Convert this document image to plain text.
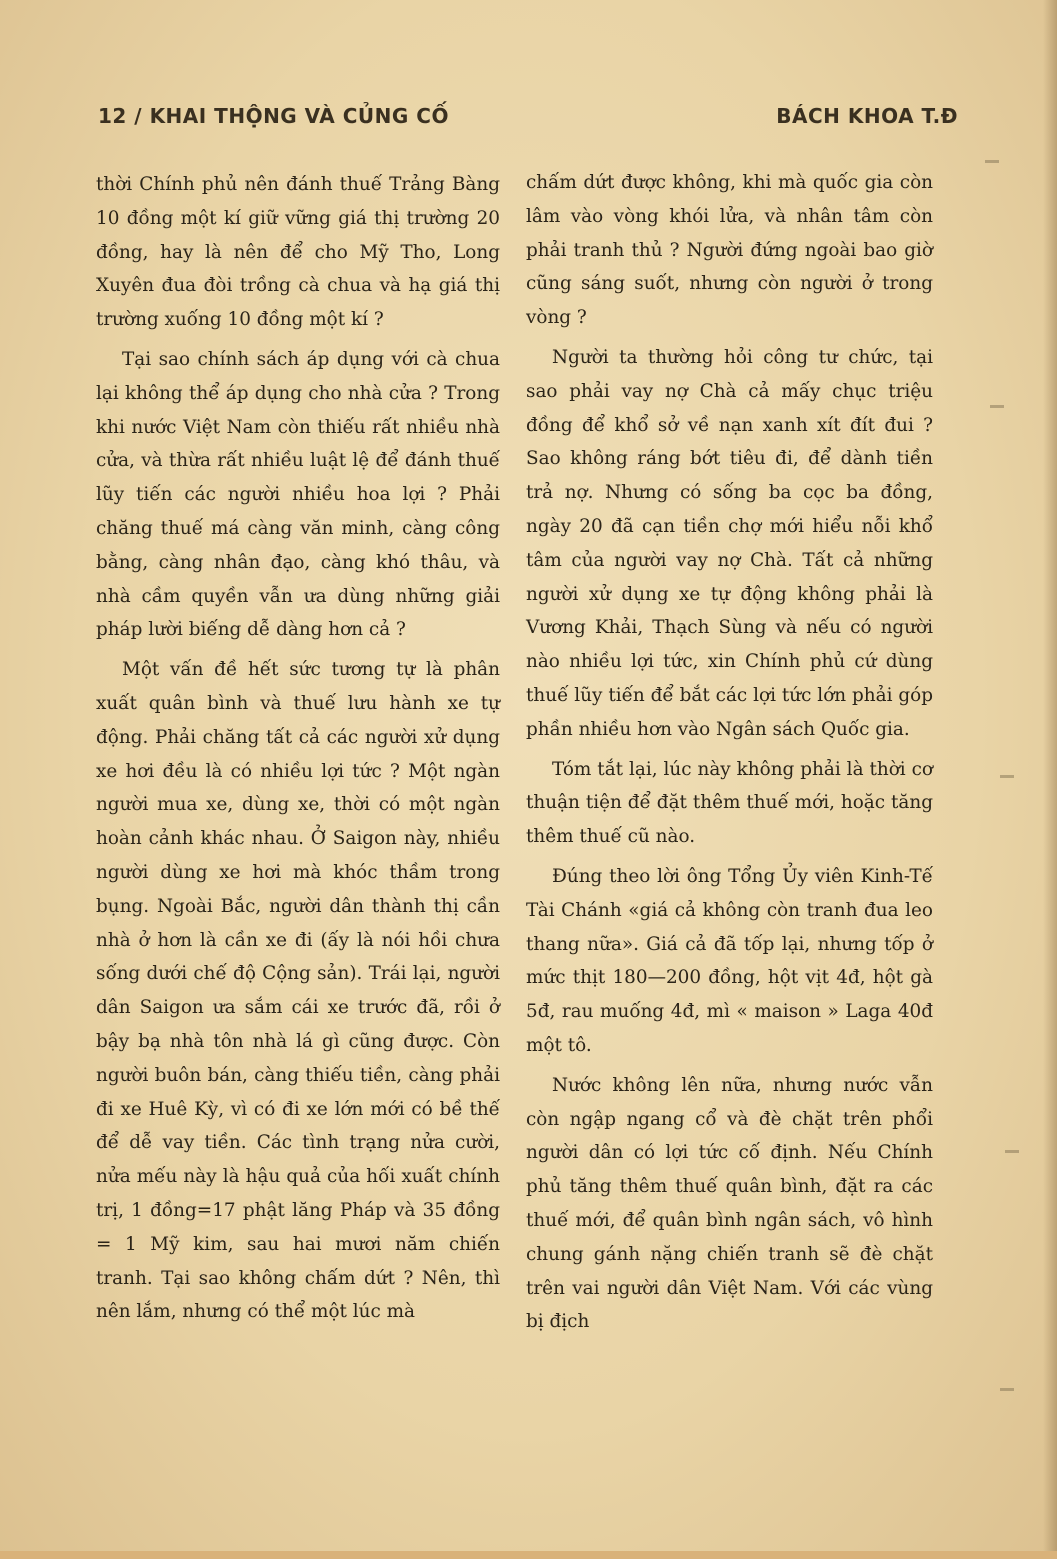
12 / KHAI THỘNG VÀ CỦNG CỐ	BÁCH KHOA T.Đ

thời Chính phủ nên đánh thuế Trảng Bàng 10 đồng một kí giữ vững giá thị trường 20 đồng, hay là nên để cho Mỹ Tho, Long Xuyên đua đòi trồng cà chua và hạ giá thị trường xuống 10 đồng một kí ?

Tại sao chính sách áp dụng với cà chua lại không thể áp dụng cho nhà cửa ? Trong khi nước Việt Nam còn thiếu rất nhiều nhà cửa, và thừa rất nhiều luật lệ để đánh thuế lũy tiến các người nhiều hoa lợi ? Phải chăng thuế má càng văn minh, càng công bằng, càng nhân đạo, càng khó thâu, và nhà cầm quyền vẫn ưa dùng những giải pháp lười biếng dễ dàng hơn cả ?

Một vấn đề hết sức tương tự là phân xuất quân bình và thuế lưu hành xe tự động. Phải chăng tất cả các người xử dụng xe hơi đều là có nhiều lợi tức ? Một ngàn người mua xe, dùng xe, thời có một ngàn hoàn cảnh khác nhau. Ở Saigon này, nhiều người dùng xe hơi mà khóc thầm trong bụng. Ngoài Bắc, người dân thành thị cần nhà ở hơn là cần xe đi (ấy là nói hồi chưa sống dưới chế độ Cộng sản). Trái lại, người dân Saigon ưa sắm cái xe trước đã, rồi ở bậy bạ nhà tôn nhà lá gì cũng được. Còn người buôn bán, càng thiếu tiền, càng phải đi xe Huê Kỳ, vì có đi xe lớn mới có bề thế để dễ vay tiền. Các tình trạng nửa cười, nửa mếu này là hậu quả của hối xuất chính trị, 1 đồng=17 phật lăng Pháp và 35 đồng = 1 Mỹ kim, sau hai mươi năm chiến tranh. Tại sao không chấm dứt ? Nên, thì nên lắm, nhưng có thể một lúc mà

chấm dứt được không, khi mà quốc gia còn lâm vào vòng khói lửa, và nhân tâm còn phải tranh thủ ? Người đứng ngoài bao giờ cũng sáng suốt, nhưng còn người ở trong vòng ?

Người ta thường hỏi công tư chức, tại sao phải vay nợ Chà cả mấy chục triệu đồng để khổ sở về nạn xanh xít đít đui ? Sao không ráng bớt tiêu đi, để dành tiền trả nợ. Nhưng có sống ba cọc ba đồng, ngày 20 đã cạn tiền chợ mới hiểu nỗi khổ tâm của người vay nợ Chà. Tất cả những người xử dụng xe tự động không phải là Vương Khải, Thạch Sùng và nếu có người nào nhiều lợi tức, xin Chính phủ cứ dùng thuế lũy tiến để bắt các lợi tức lớn phải góp phần nhiều hơn vào Ngân sách Quốc gia.

Tóm tắt lại, lúc này không phải là thời cơ thuận tiện để đặt thêm thuế mới, hoặc tăng thêm thuế cũ nào.

Đúng theo lời ông Tổng Ủy viên Kinh-Tế Tài Chánh «giá cả không còn tranh đua leo thang nữa». Giá cả đã tốp lại, nhưng tốp ở mức thịt 180—200 đồng, hột vịt 4đ, hột gà 5đ, rau muống 4đ, mì « maison » Laga 40đ một tô.

Nước không lên nữa, nhưng nước vẫn còn ngập ngang cổ và đè chặt trên phổi người dân có lợi tức cố định. Nếu Chính phủ tăng thêm thuế quân bình, đặt ra các thuế mới, để quân bình ngân sách, vô hình chung gánh nặng chiến tranh sẽ đè chặt trên vai người dân Việt Nam. Với các vùng bị địch
